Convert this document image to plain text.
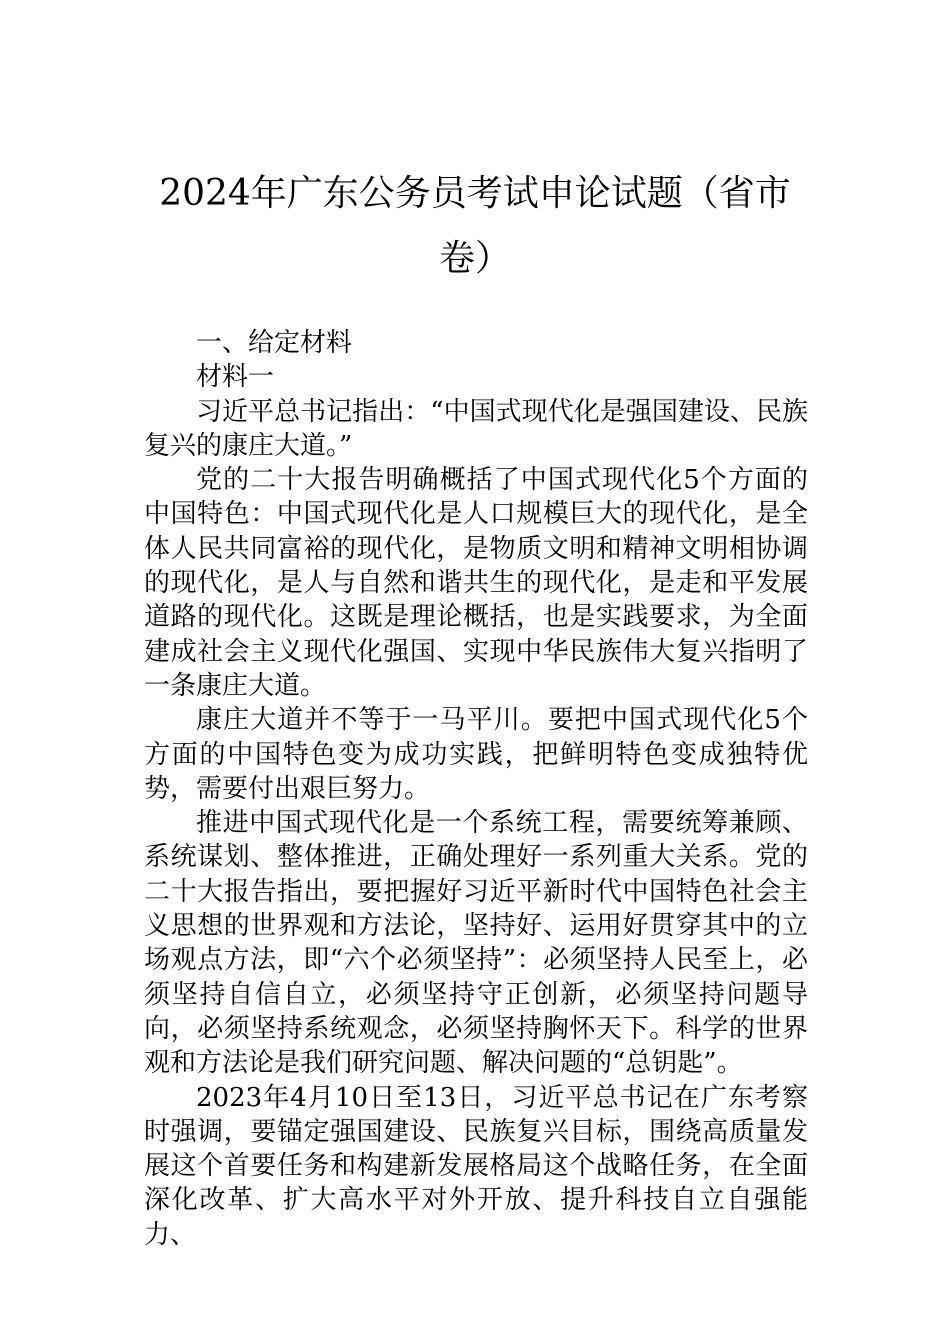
2024年广东公务员考试申论试题（省市卷）

一、给定材料

材料一

习近平总书记指出：“中国式现代化是强国建设、民族复兴的康庄大道。”

党的二十大报告明确概括了中国式现代化5个方面的中国特色：中国式现代化是人口规模巨大的现代化，是全体人民共同富裕的现代化，是物质文明和精神文明相协调的现代化，是人与自然和谐共生的现代化，是走和平发展道路的现代化。这既是理论概括，也是实践要求，为全面建成社会主义现代化强国、实现中华民族伟大复兴指明了一条康庄大道。

康庄大道并不等于一马平川。要把中国式现代化5个方面的中国特色变为成功实践，把鲜明特色变成独特优势，需要付出艰巨努力。

推进中国式现代化是一个系统工程，需要统筹兼顾、系统谋划、整体推进，正确处理好一系列重大关系。党的二十大报告指出，要把握好习近平新时代中国特色社会主义思想的世界观和方法论，坚持好、运用好贯穿其中的立场观点方法，即“六个必须坚持”：必须坚持人民至上，必须坚持自信自立，必须坚持守正创新，必须坚持问题导向，必须坚持系统观念，必须坚持胸怀天下。科学的世界观和方法论是我们研究问题、解决问题的“总钥匙”。

2023年4月10日至13日，习近平总书记在广东考察时强调，要锚定强国建设、民族复兴目标，围绕高质量发展这个首要任务和构建新发展格局这个战略任务，在全面深化改革、扩大高水平对外开放、提升科技自立自强能力、
